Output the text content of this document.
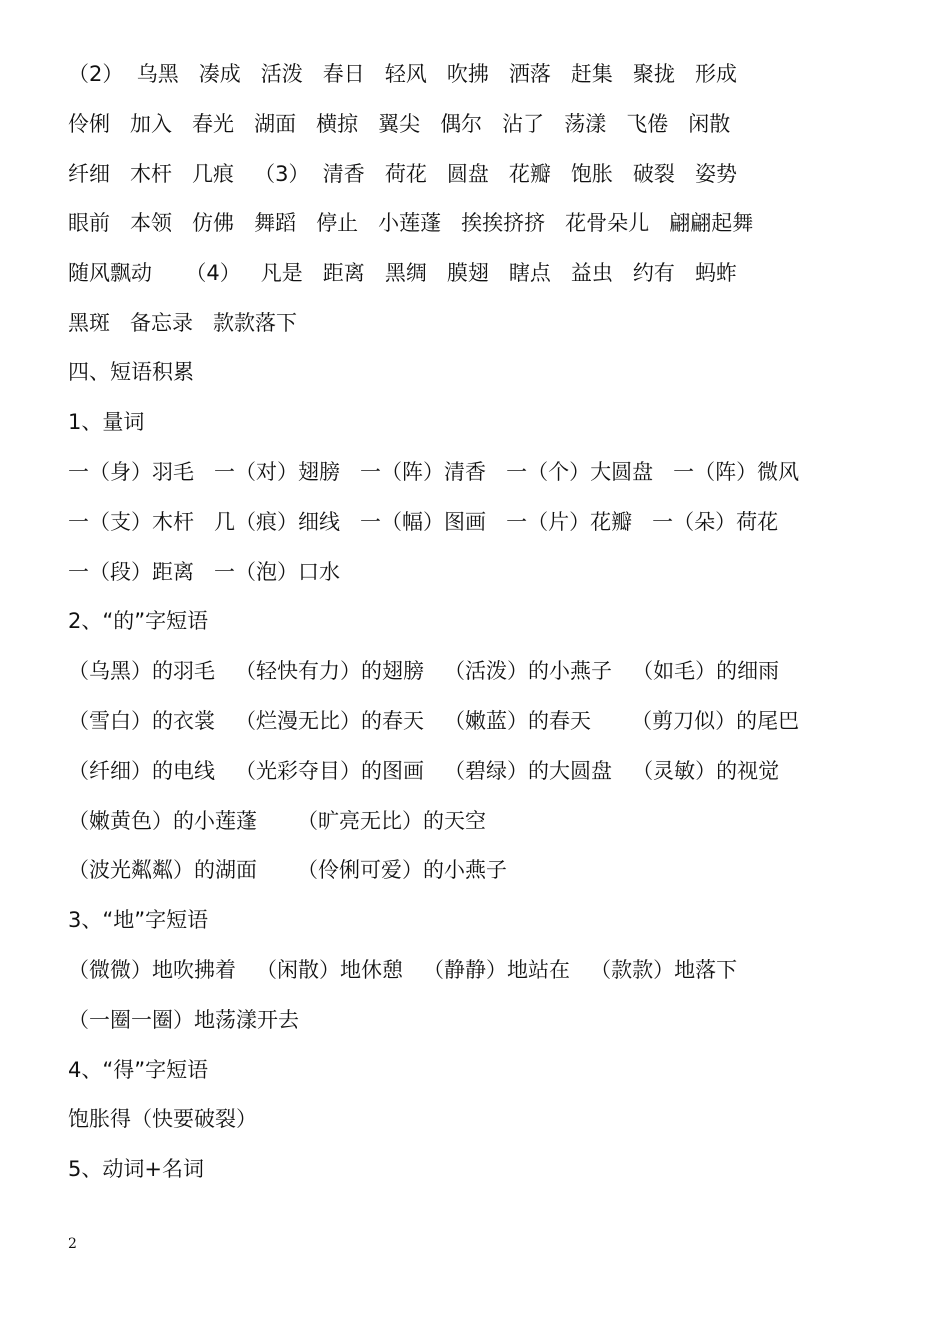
（2）  乌黑   凑成   活泼   春日   轻风   吹拂   洒落   赶集   聚拢   形成
伶俐   加入   春光   湖面   横掠   翼尖   偶尔   沾了   荡漾   飞倦   闲散
纤细   木杆   几痕   （3）  清香   荷花   圆盘   花瓣   饱胀   破裂   姿势
眼前   本领   仿佛   舞蹈   停止   小莲蓬   挨挨挤挤   花骨朵儿   翩翩起舞
随风飘动     （4）   凡是   距离   黑绸   膜翅   瞎点   益虫   约有   蚂蚱
黑斑   备忘录   款款落下
四、短语积累
1、量词
一（身）羽毛   一（对）翅膀   一（阵）清香   一（个）大圆盘   一（阵）微风
一（支）木杆   几（痕）细线   一（幅）图画   一（片）花瓣   一（朵）荷花
一（段）距离   一（泡）口水
2、“的”字短语
（乌黑）的羽毛   （轻快有力）的翅膀   （活泼）的小燕子   （如毛）的细雨
（雪白）的衣裳   （烂漫无比）的春天   （嫩蓝）的春天      （剪刀似）的尾巴
（纤细）的电线   （光彩夺目）的图画   （碧绿）的大圆盘   （灵敏）的视觉
（嫩黄色）的小莲蓬      （旷亮无比）的天空
（波光粼粼）的湖面      （伶俐可爱）的小燕子
3、“地”字短语
（微微）地吹拂着   （闲散）地休憩   （静静）地站在   （款款）地落下
（一圈一圈）地荡漾开去
4、“得”字短语
饱胀得（快要破裂）
5、动词+名词
2
